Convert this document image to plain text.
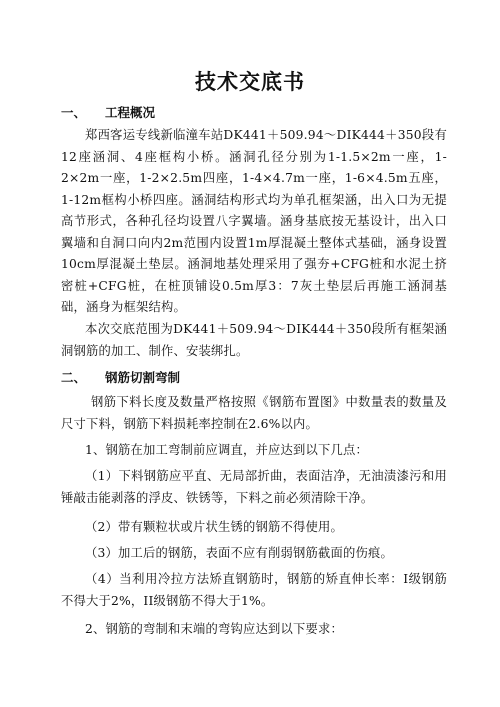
技术交底书
一、 工程概况

郑西客运专线新临潼车站DK441＋509.94～DIK444＋350段有12座涵洞、4座框构小桥。涵洞孔径分别为1-1.5×2m一座，1-2×2m一座，1-2×2.5m四座，1-4×4.7m一座，1-6×4.5m五座，1-12m框构小桥四座。涵洞结构形式均为单孔框架涵，出入口为无提高节形式，各种孔径均设置八字翼墙。涵身基底按无基设计，出入口翼墙和自洞口向内2m范围内设置1m厚混凝土整体式基础，涵身设置10cm厚混凝土垫层。涵洞地基处理采用了强夯+CFG桩和水泥土挤密桩+CFG桩，在桩顶铺设0.5m厚3：7灰土垫层后再施工涵洞基础，涵身为框架结构。

本次交底范围为DK441＋509.94～DIK444＋350段所有框架涵洞钢筋的加工、制作、安装绑扎。

二、 钢筋切割弯制

钢筋下料长度及数量严格按照《钢筋布置图》中数量表的数量及尺寸下料，钢筋下料损耗率控制在2.6%以内。

1、钢筋在加工弯制前应调直，并应达到以下几点：

（1）下料钢筋应平直、无局部折曲，表面洁净，无油渍漆污和用锤敲击能剥落的浮皮、铁锈等，下料之前必须清除干净。

（2）带有颗粒状或片状生锈的钢筋不得使用。

（3）加工后的钢筋，表面不应有削弱钢筋截面的伤痕。

（4）当利用冷拉方法矫直钢筋时，钢筋的矫直伸长率：I级钢筋不得大于2%，II级钢筋不得大于1%。

2、钢筋的弯制和末端的弯钩应达到以下要求：
